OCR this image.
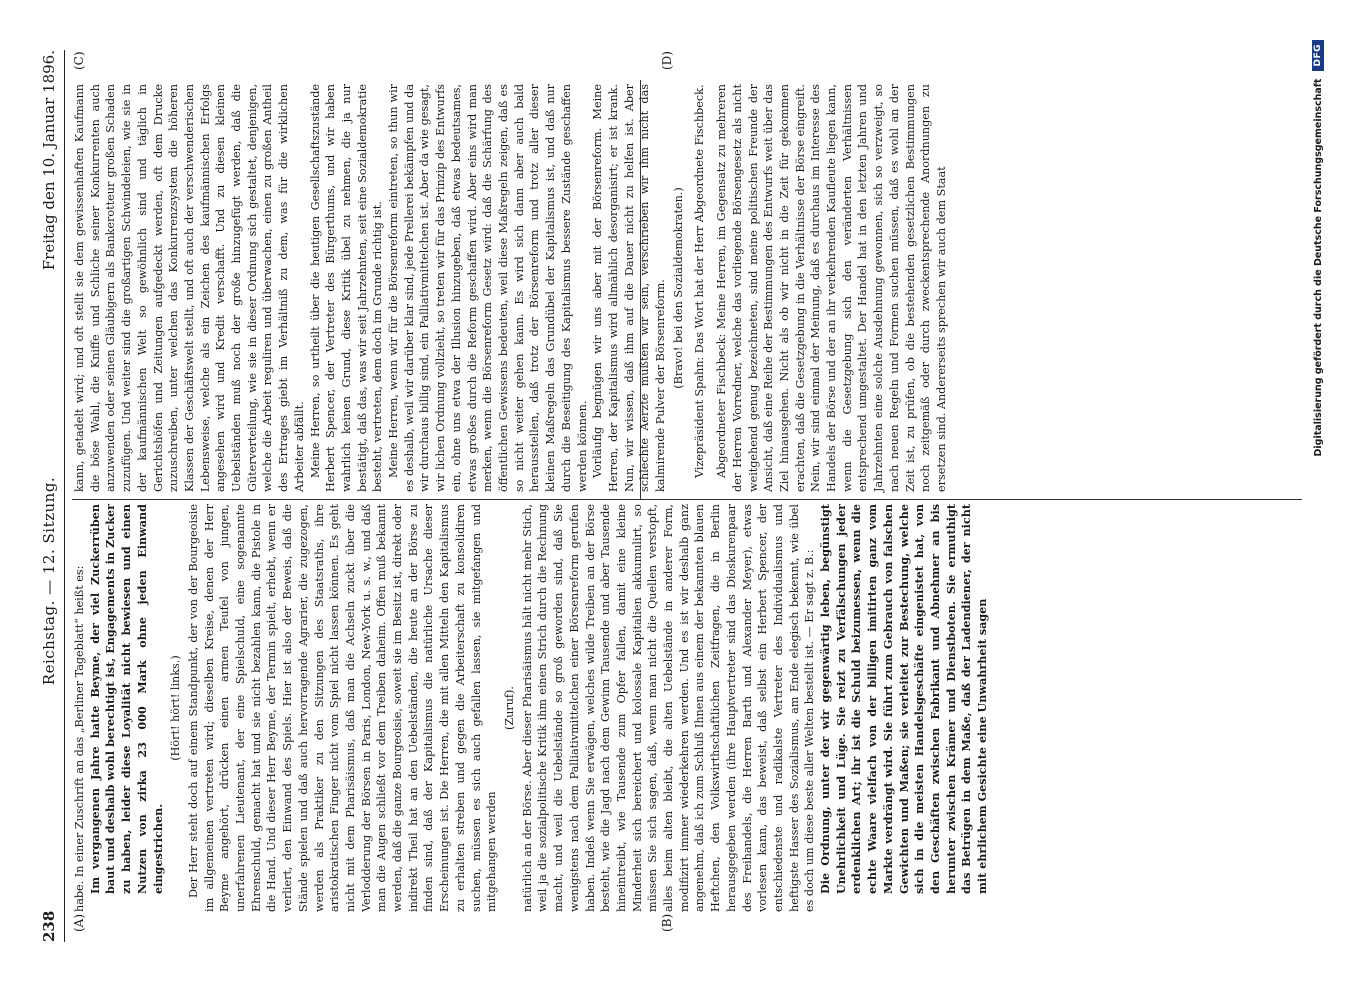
238
Reichstag. — 12. Sitzung.
Freitag den 10. Januar 1896.
(A)	(B)
(C)	(D)

habe. In einer Zuschrift an das „Berliner Tageblatt“ heißt es: Im vergangenen Jahre hatte Beyme, der viel Zuckerrüben baut und deshalb wohl berechtigt ist, Engagements in Zucker zu haben, leider diese Loyalität nicht bewiesen und einen Nutzen von zirka 23 000 Mark ohne jeden Einwand eingestrichen.

(Hört! hört! links.) Der Herr steht doch auf einem Standpunkt, der von der Bourgeoisie im allgemeinen vertreten wird; dieselben Kreise, denen der Herr Beyme angehört, drücken einen armen Teufel von jungen, unerfahrenen Lieutenant, der eine Spielschuld, eine sogenannte Ehrenschuld, gemacht hat und sie nicht bezahlen kann, die Pistole in die Hand. Und dieser Herr Beyme, der Termin spielt, erhebt, wenn er verliert, den Einwand des Spiels. Hier ist also der Beweis, daß die Stände spielen und daß auch hervorragende Agrarier, die zugezogen, werden als Praktiker zu den Sitzungen des Staatsraths, ihre aristokratischen Finger nicht vom Spiel nicht lassen können. Es geht nicht mit dem Pharisäismus, daß man die Achseln zuckt über die Verlodderung der Börsen in Paris, London, New-York u. s. w., und daß man die Augen schließt vor dem Treiben daheim. Offen muß bekannt werden, daß die ganze Bourgeoisie, soweit sie im Besitz ist, direkt oder indirekt Theil hat an den Uebelständen, die heute an der Börse zu finden sind, daß der Kapitalismus die natürliche Ursache dieser Erscheinungen ist. Die Herren, die mit allen Mitteln den Kapitalismus zu erhalten streben und gegen die Arbeiterschaft zu konsolidiren suchen, müssen es sich auch gefallen lassen, sie mitgefangen und mitgehangen werden

(Zuruf). natürlich an der Börse. Aber dieser Pharisäismus hält nicht mehr Stich, weil ja die sozialpolitische Kritik ihm einen Strich durch die Rechnung macht, und weil die Uebelstände so groß geworden sind, daß Sie wenigstens nach dem Palliativmittelchen einer Börsenreform gerufen haben. Indeß wenn Sie erwägen, welches wilde Treiben an der Börse besteht, wie die Jagd nach dem Gewinn Tausende und aber Tausende hineintreibt, wie Tausende zum Opfer fallen, damit eine kleine Minderheit sich bereichert und kolossale Kapitalien akkumulirt, so müssen Sie sich sagen, daß, wenn man nicht die Quellen verstopft, alles beim alten bleibt, die alten Uebelstände in anderer Form, modifizirt immer wiederkehren werden. Und es ist wir deshalb ganz angenehm, daß ich zum Schluß Ihnen aus einem der bekannten blauen Heftchen, den Volkswirthschaftlichen Zeitfragen, die in Berlin herausgegeben werden (ihre Hauptvertreter sind das Dioskurenpaar des Freihandels, die Herren Barth und Alexander Meyer), etwas vorlesen kann, das beweist, daß selbst ein Herbert Spencer, der entschiedenste und radikalste Vertreter des Individualismus und heftigste Hasser des Sozialismus, am Ende elegisch bekennt, wie übel es doch um diese beste aller Welten bestellt ist. — Er sagt z. B.: Die Ordnung, unter der wir gegenwärtig leben, begünstigt Unehrlichkeit und Lüge. Sie reizt zu Verfälschungen jeder erdenklichen Art; ihr ist die Schuld beizumessen, wenn die echte Waare vielfach von der billigen imitirten ganz vom Markte verdrängt wird. Sie führt zum Gebrauch von falschen Gewichten und Maßen; sie verleitet zur Bestechung, welche sich in die meisten Handelsgeschäfte eingenistet hat, von den Geschäften zwischen Fabrikant und Abnehmer an bis herunter zwischen Krämer und Dienstboten. Sie ermuthigt das Betrügen in dem Maße, daß der Ladendiener, der nicht mit ehrlichem Gesichte eine Unwahrheit sagen

kann, getadelt wird; und oft stellt sie dem gewissenhaften Kaufmann die böse Wahl, die Kniffe und Schliche seiner Konkurrenten auch anzuwenden oder seinen Gläubigern als Bankerotteur großen Schaden zuzufügen. Und weiter sind die großartigen Schwindeleien, wie sie in der kaufmännischen Welt so gewöhnlich sind und täglich in Gerichtshöfen und Zeitungen aufgedeckt werden, oft dem Drucke zuzuschreiben, unter welchen das Konkurrenzsystem die höheren Klassen der Geschäftswelt stellt, und oft auch der verschwenderischen Lebensweise, welche als ein Zeichen des kaufmännischen Erfolgs angesehen wird und Kredit verschafft. Und zu diesen kleinen Uebelständen muß noch der große hinzugefügt werden, daß die Güterverteilung, wie sie in dieser Ordnung sich gestaltet, denjenigen, welche die Arbeit reguliren und überwachen, einen zu großen Antheil des Ertrages giebt im Verhältniß zu dem, was für die wirklichen Arbeiter abfällt. Meine Herren, so urtheilt über die heutigen Gesellschaftszustände Herbert Spencer, der Vertreter des Bürgerthums, und wir haben wahrlich keinen Grund, diese Kritik übel zu nehmen, die ja nur bestätigt, daß das, was wir seit Jahrzehnten, seit eine Sozialdemokratie besteht, vertreten, dem doch im Grunde richtig ist. Meine Herren, wenn wir für die Börsenreform eintreten, so thun wir es deshalb, weil wir darüber klar sind, jede Prellerei bekämpfen und da wir durchaus billig sind, ein Palliativmittelchen ist. Aber da wie gesagt, wir lichen Ordnung vollzieht, so treten wir für das Prinzip des Entwurfs ein, ohne uns etwa der Illusion hinzugeben, daß etwas bedeutsames, etwas großes durch die Reform geschaffen wird. Aber eins wird man merken, wenn die Börsenreform Gesetz wird: daß die Schärfung des öffentlichen Gewissens bedeuten, weil diese Maßregeln zeigen, daß es so nicht weiter gehen kann. Es wird sich dann aber auch bald herausstellen, daß trotz der Börsenreform und trotz aller dieser kleinen Maßregeln das Grundübel der Kapitalismus ist, und daß nur durch die Beseitigung des Kapitalismus bessere Zustände geschaffen werden können. Vorläufig begnügen wir uns aber mit der Börsenreform. Meine Herren, der Kapitalismus wird allmählich desorganisirt; er ist krank. Nun, wir wissen, daß ihm auf die Dauer nicht zu helfen ist. Aber schlechte Aerzte müßten wir sein, verschrieben wir ihm nicht das kalmirende Pulver der Börsenreform. (Bravo! bei den Sozialdemokraten.) Vizepräsident Spahn: Das Wort hat der Herr Abgeordnete Fischbeck. Abgeordneter Fischbeck: Meine Herren, im Gegensatz zu mehreren der Herren Vorredner, welche das vorliegende Börsengesetz als nicht weitgehend genug bezeichneten, sind meine politischen Freunde der Ansicht, daß eine Reihe der Bestimmungen des Entwurfs weit über das Ziel hinausgehen. Nicht als ob wir nicht in die Zeit für gekommen erachten, daß die Gesetzgebung in die Verhältnisse der Börse eingreift. Nein, wir sind einmal der Meinung, daß es durchaus im Interesse des Handels der Börse und der an ihr verkehrenden Kaufleute liegen kann, wenn die Gesetzgebung sich den veränderten Verhältnissen entsprechend umgestaltet. Der Handel hat in den letzten Jahren und Jahrzehnten eine solche Ausdehnung gewonnen, sich so verzweigt, so nach neuen Regeln und Formen suchen müssen, daß es wohl an der Zeit ist, zu prüfen, ob die bestehenden gesetzlichen Bestimmungen noch zeitgemäß oder durch zweckentsprechende Anordnungen zu ersetzen sind. Andererseits sprechen wir auch dem Staat	Digitalisierung gefördert durch die Deutsche Forschungsgemeinschaft
DFG
